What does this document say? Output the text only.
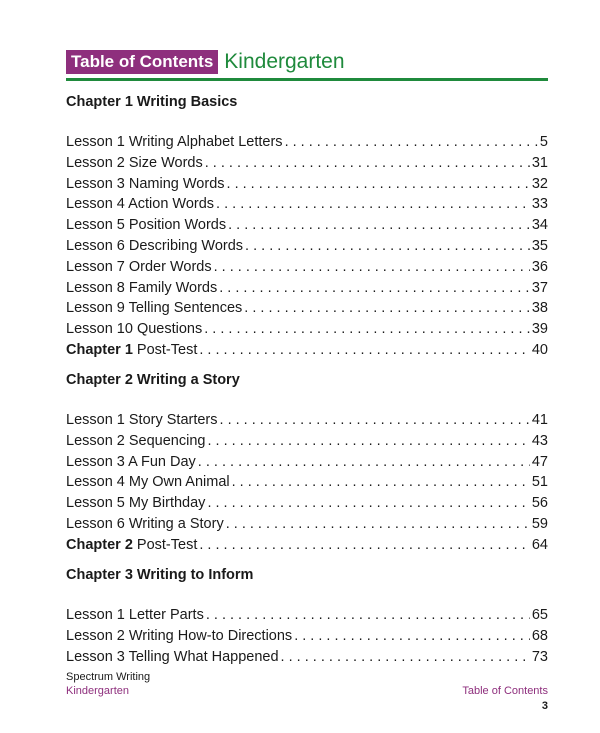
Table of Contents Kindergarten
Chapter 1 Writing Basics
Lesson 1 Writing Alphabet Letters . . .	5
Lesson 2 Size Words . . .	31
Lesson 3 Naming Words . . .	32
Lesson 4 Action Words . . .	33
Lesson 5 Position Words . . .	34
Lesson 6 Describing Words . . .	35
Lesson 7 Order Words . . .	36
Lesson 8 Family Words . . .	37
Lesson 9 Telling Sentences . . .	38
Lesson 10 Questions . . .	39
Chapter 1 Post-Test . . .	40
Chapter 2 Writing a Story
Lesson 1 Story Starters . . .	41
Lesson 2 Sequencing . . .	43
Lesson 3 A Fun Day . . .	47
Lesson 4 My Own Animal . . .	51
Lesson 5 My Birthday . . .	56
Lesson 6 Writing a Story . . .	59
Chapter 2 Post-Test . . .	64
Chapter 3 Writing to Inform
Lesson 1 Letter Parts . . .	65
Lesson 2 Writing How-to Directions . . .	68
Lesson 3 Telling What Happened . . .	73
Spectrum Writing
Kindergarten	Table of Contents
3
